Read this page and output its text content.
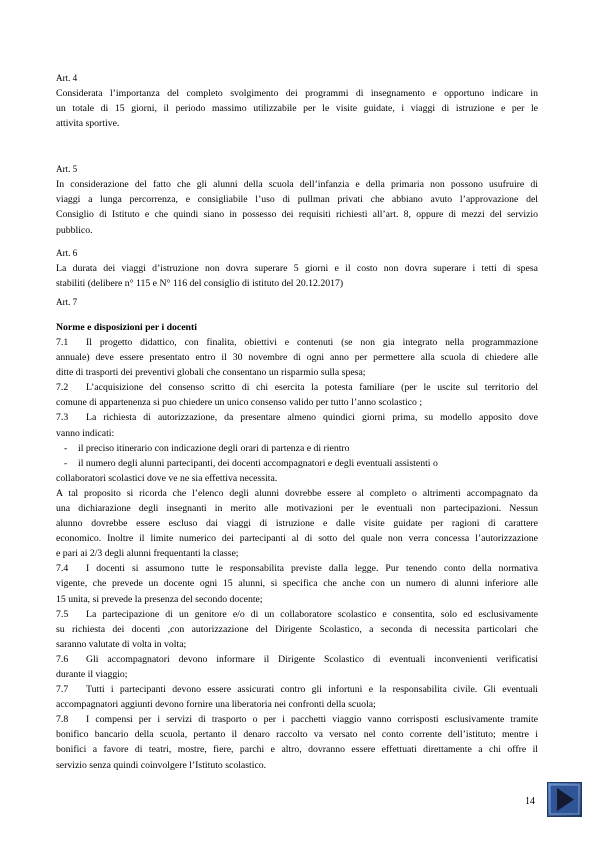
Art. 4
Considerata l’importanza del completo svolgimento dei programmi di insegnamento e opportuno indicare in
un totale di 15 giorni, il periodo massimo utilizzabile per le visite guidate, i viaggi di istruzione e per le
attivita sportive.
Art. 5
In considerazione del fatto che gli alunni della scuola dell’infanzia e della primaria non possono usufruire di
viaggi a lunga percorrenza, e consigliabile l’uso di pullman privati che abbiano avuto l’approvazione del
Consiglio di Istituto e che quindi siano in possesso dei requisiti richiesti all’art. 8, oppure di mezzi del servizio
pubblico.
Art. 6
La durata dei viaggi d’istruzione non dovra superare 5 giorni e il costo non dovra superare i tetti di spesa
stabiliti (delibere n° 115 e N° 116 del consiglio di istituto del 20.12.2017)
Art. 7
Norme e disposizioni per i docenti
7.1 Il progetto didattico, con finalita, obiettivi e contenuti (se non gia integrato nella programmazione
annuale) deve essere presentato entro il 30 novembre di ogni anno per permettere alla scuola di chiedere alle
ditte di trasporti dei preventivi globali che consentano un risparmio sulla spesa;
7.2 L’acquisizione del consenso scritto di chi esercita la potesta familiare (per le uscite sul territorio del
comune di appartenenza si puo chiedere un unico consenso valido per tutto l’anno scolastico ;
7.3 La richiesta di autorizzazione, da presentare almeno quindici giorni prima, su modello apposito dove
vanno indicati:
- il preciso itinerario con indicazione degli orari di partenza e di rientro
- il numero degli alunni partecipanti, dei docenti accompagnatori e degli eventuali assistenti o
collaboratori scolastici dove ve ne sia effettiva necessita.
A tal proposito si ricorda che l’elenco degli alunni dovrebbe essere al completo o altrimenti accompagnato da
una dichiarazione degli insegnanti in merito alle motivazioni per le eventuali non partecipazioni. Nessun
alunno dovrebbe essere escluso dai viaggi di istruzione e dalle visite guidate per ragioni di carattere
economico. Inoltre il limite numerico dei partecipanti al di sotto del quale non verra concessa l’autorizzazione
e pari ai 2/3 degli alunni frequentanti la classe;
7.4 I docenti si assumono tutte le responsabilita previste dalla legge. Pur tenendo conto della normativa
vigente, che prevede un docente ogni 15 alunni, si specifica che anche con un numero di alunni inferiore alle
15 unita, si prevede la presenza del secondo docente;
7.5 La partecipazione di un genitore e/o di un collaboratore scolastico e consentita, solo ed esclusivamente
su richiesta dei docenti ,con autorizzazione del Dirigente Scolastico, a seconda di necessita particolari che
saranno valutate di volta in volta;
7.6 Gli accompagnatori devono informare il Dirigente Scolastico di eventuali inconvenienti verificatisi
durante il viaggio;
7.7 Tutti i partecipanti devono essere assicurati contro gli infortuni e la responsabilita civile. Gli eventuali
accompagnatori aggiunti devono fornire una liberatoria nei confronti della scuola;
7.8 I compensi per i servizi di trasporto o per i pacchetti viaggio vanno corrisposti esclusivamente tramite
bonifico bancario della scuola, pertanto il denaro raccolto va versato nel conto corrente dell’istituto; mentre i
bonifici a favore di teatri, mostre, fiere, parchi e altro, dovranno essere effettuati direttamente a chi offre il
servizio senza quindi coinvolgere l’Istituto scolastico.
14
